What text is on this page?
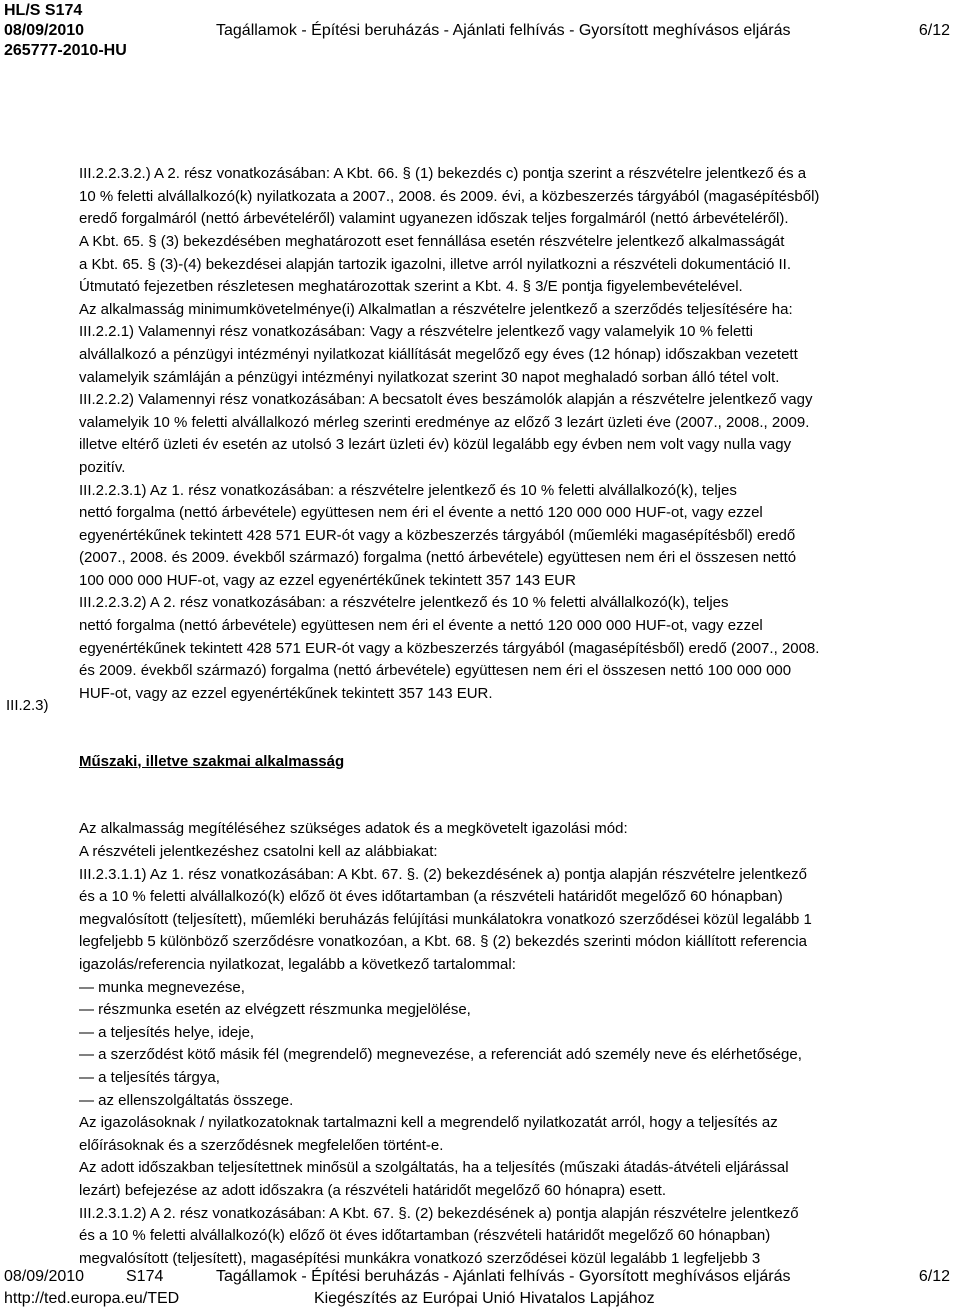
HL/S S174
08/09/2010
265777-2010-HU
Tagállamok - Építési beruházás - Ajánlati felhívás - Gyorsított meghívásos eljárás	6/12
III.2.3)

III.2.2.3.2.) A 2. rész vonatkozásában: A Kbt. 66. § (1) bekezdés c) pontja szerint a részvételre jelentkező és a

10 % feletti alvállalkozó(k) nyilatkozata a 2007., 2008. és 2009. évi, a közbeszerzés tárgyából (magasépítésből)

eredő forgalmáról (nettó árbevételéről) valamint ugyanezen időszak teljes forgalmáról (nettó árbevételéről).

A Kbt. 65. § (3) bekezdésében meghatározott eset fennállása esetén részvételre jelentkező alkalmasságát

a Kbt. 65. § (3)-(4) bekezdései alapján tartozik igazolni, illetve arról nyilatkozni a részvételi dokumentáció II.

Útmutató fejezetben részletesen meghatározottak szerint a Kbt. 4. § 3/E pontja figyelembevételével.

Az alkalmasság minimumkövetelménye(i) Alkalmatlan a részvételre jelentkező a szerződés teljesítésére ha:

III.2.2.1) Valamennyi rész vonatkozásában: Vagy a részvételre jelentkező vagy valamelyik 10 % feletti

alvállalkozó a pénzügyi intézményi nyilatkozat kiállítását megelőző egy éves (12 hónap) időszakban vezetett

valamelyik számláján a pénzügyi intézményi nyilatkozat szerint 30 napot meghaladó sorban álló tétel volt.

III.2.2.2) Valamennyi rész vonatkozásában: A becsatolt éves beszámolók alapján a részvételre jelentkező vagy

valamelyik 10 % feletti alvállalkozó mérleg szerinti eredménye az előző 3 lezárt üzleti éve (2007., 2008., 2009.

illetve eltérő üzleti év esetén az utolsó 3 lezárt üzleti év) közül legalább egy évben nem volt vagy nulla vagy

pozitív.

III.2.2.3.1) Az 1. rész vonatkozásában: a részvételre jelentkező és 10 % feletti alvállalkozó(k), teljes

nettó forgalma (nettó árbevétele) együttesen nem éri el évente a nettó 120 000 000 HUF-ot, vagy ezzel

egyenértékűnek tekintett 428 571 EUR-ót vagy a közbeszerzés tárgyából (műemléki magasépítésből) eredő

(2007., 2008. és 2009. évekből származó) forgalma (nettó árbevétele) együttesen nem éri el összesen nettó

100 000 000 HUF-ot, vagy az ezzel egyenértékűnek tekintett 357 143 EUR

III.2.2.3.2) A 2. rész vonatkozásában: a részvételre jelentkező és 10 % feletti alvállalkozó(k), teljes

nettó forgalma (nettó árbevétele) együttesen nem éri el évente a nettó 120 000 000 HUF-ot, vagy ezzel

egyenértékűnek tekintett 428 571 EUR-ót vagy a közbeszerzés tárgyából (magasépítésből) eredő (2007., 2008.

és 2009. évekből származó) forgalma (nettó árbevétele) együttesen nem éri el összesen nettó 100 000 000

HUF-ot, vagy az ezzel egyenértékűnek tekintett 357 143 EUR.

Műszaki, illetve szakmai alkalmasság

Az alkalmasság megítéléséhez szükséges adatok és a megkövetelt igazolási mód:

A részvételi jelentkezéshez csatolni kell az alábbiakat:

III.2.3.1.1) Az 1. rész vonatkozásában: A Kbt. 67. §. (2) bekezdésének a) pontja alapján részvételre jelentkező

és a 10 % feletti alvállalkozó(k) előző öt éves időtartamban (a részvételi határidőt megelőző 60 hónapban)

megvalósított (teljesített), műemléki beruházás felújítási munkálatokra vonatkozó szerződései közül legalább 1

legfeljebb 5 különböző szerződésre vonatkozóan, a Kbt. 68. § (2) bekezdés szerinti módon kiállított referencia

igazolás/referencia nyilatkozat, legalább a következő tartalommal:

— munka megnevezése,

— részmunka esetén az elvégzett részmunka megjelölése,

— a teljesítés helye, ideje,

— a szerződést kötő másik fél (megrendelő) megnevezése, a referenciát adó személy neve és elérhetősége,

— a teljesítés tárgya,

— az ellenszolgáltatás összege.

Az igazolásoknak / nyilatkozatoknak tartalmazni kell a megrendelő nyilatkozatát arról, hogy a teljesítés az

előírásoknak és a szerződésnek megfelelően történt-e.

Az adott időszakban teljesítettnek minősül a szolgáltatás, ha a teljesítés (műszaki átadás-átvételi eljárással

lezárt) befejezése az adott időszakra (a részvételi határidőt megelőző 60 hónapra) esett.

III.2.3.1.2) A 2. rész vonatkozásában: A Kbt. 67. §. (2) bekezdésének a) pontja alapján részvételre jelentkező

és a 10 % feletti alvállalkozó(k) előző öt éves időtartamban (részvételi határidőt megelőző 60 hónapban)

megvalósított (teljesített), magasépítési munkákra vonatkozó szerződései közül legalább 1 legfeljebb 3

08/09/2010	S174	Tagállamok - Építési beruházás - Ajánlati felhívás - Gyorsított meghívásos eljárás	6/12
http://ted.europa.eu/TED	Kiegészítés az Európai Unió Hivatalos Lapjához
